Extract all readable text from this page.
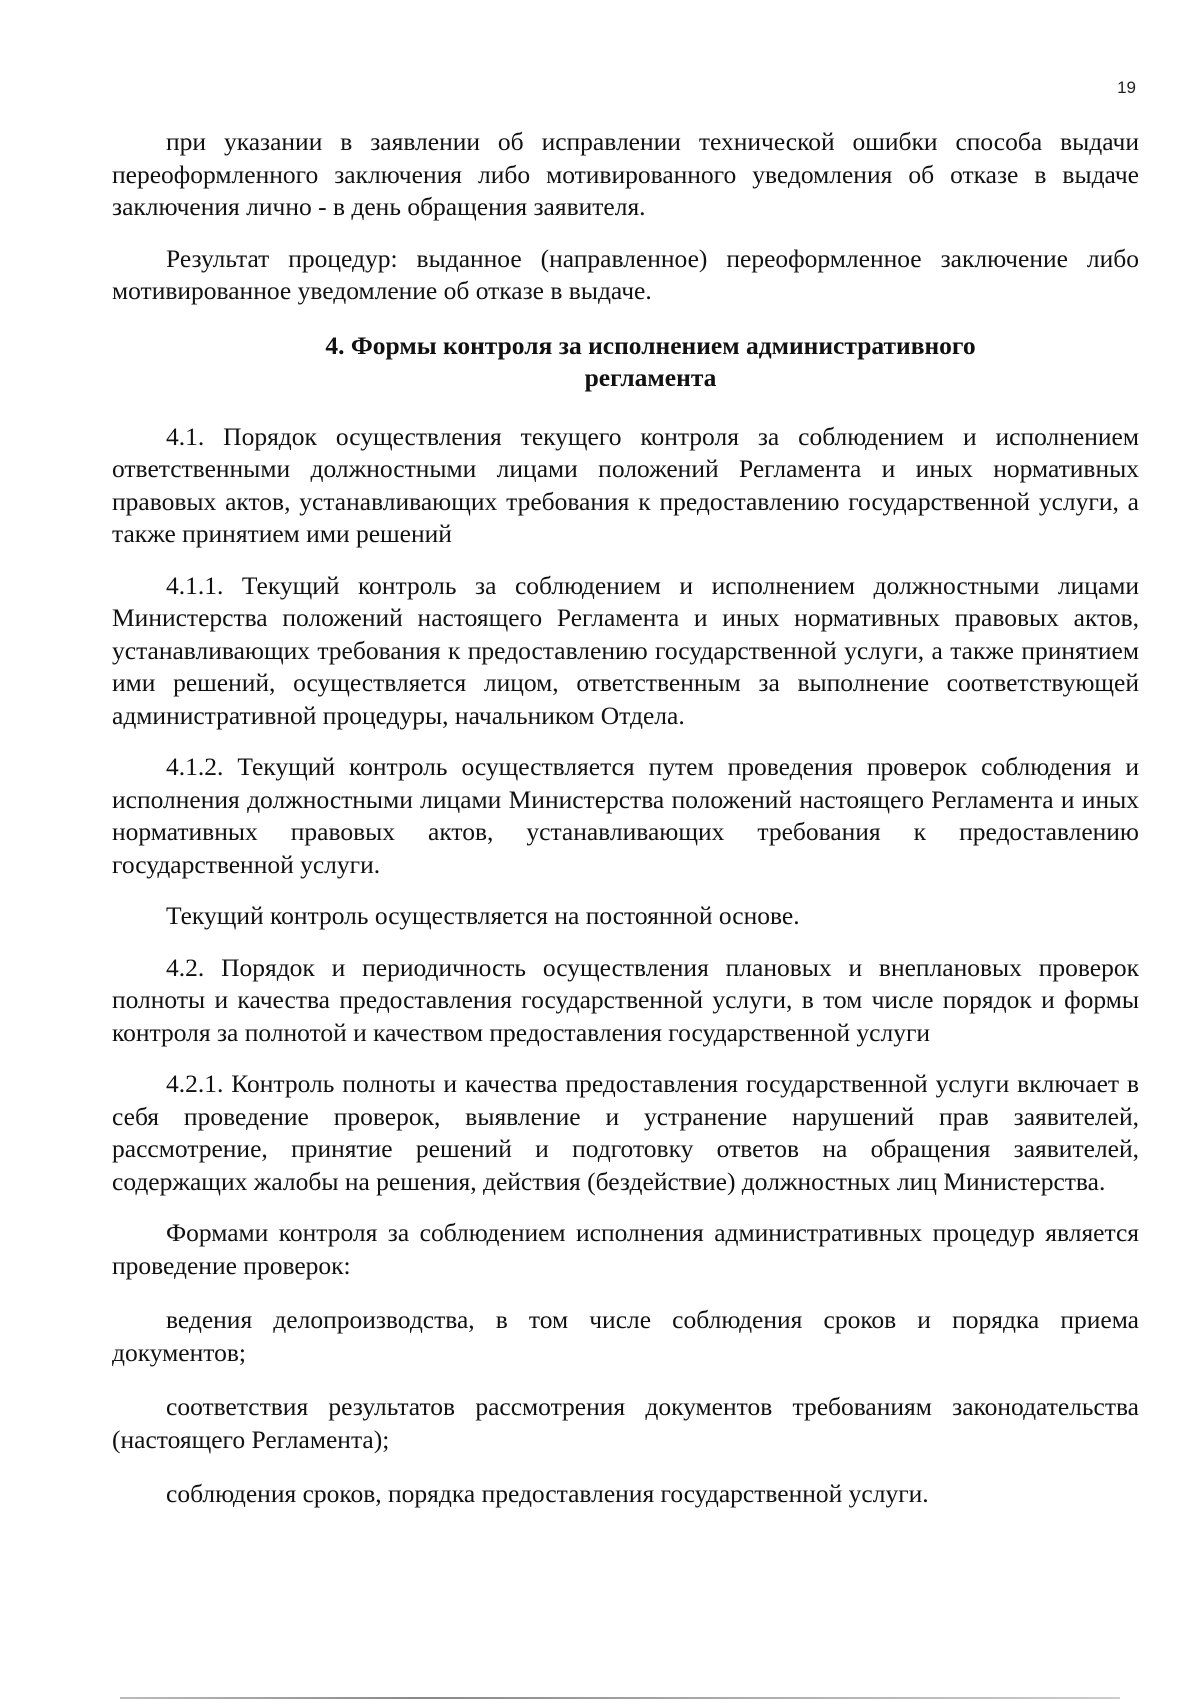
19

при указании в заявлении об исправлении технической ошибки способа выдачи переоформленного заключения либо мотивированного уведомления об отказе в выдаче заключения лично - в день обращения заявителя.

Результат процедур: выданное (направленное) переоформленное заключение либо мотивированное уведомление об отказе в выдаче.

4. Формы контроля за исполнением административного регламента

4.1. Порядок осуществления текущего контроля за соблюдением и исполнением ответственными должностными лицами положений Регламента и иных нормативных правовых актов, устанавливающих требования к предоставлению государственной услуги, а также принятием ими решений

4.1.1. Текущий контроль за соблюдением и исполнением должностными лицами Министерства положений настоящего Регламента и иных нормативных правовых актов, устанавливающих требования к предоставлению государственной услуги, а также принятием ими решений, осуществляется лицом, ответственным за выполнение соответствующей административной процедуры, начальником Отдела.

4.1.2. Текущий контроль осуществляется путем проведения проверок соблюдения и исполнения должностными лицами Министерства положений настоящего Регламента и иных нормативных правовых актов, устанавливающих требования к предоставлению государственной услуги.

Текущий контроль осуществляется на постоянной основе.

4.2. Порядок и периодичность осуществления плановых и внеплановых проверок полноты и качества предоставления государственной услуги, в том числе порядок и формы контроля за полнотой и качеством предоставления государственной услуги

4.2.1. Контроль полноты и качества предоставления государственной услуги включает в себя проведение проверок, выявление и устранение нарушений прав заявителей, рассмотрение, принятие решений и подготовку ответов на обращения заявителей, содержащих жалобы на решения, действия (бездействие) должностных лиц Министерства.

Формами контроля за соблюдением исполнения административных процедур является проведение проверок:

ведения делопроизводства, в том числе соблюдения сроков и порядка приема документов;

соответствия результатов рассмотрения документов требованиям законодательства (настоящего Регламента);

соблюдения сроков, порядка предоставления государственной услуги.
